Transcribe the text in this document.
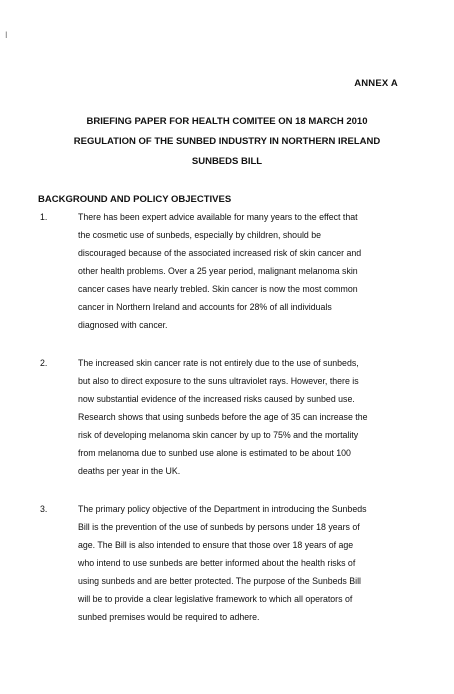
I
ANNEX A
BRIEFING PAPER FOR HEALTH COMITEE ON 18 MARCH 2010
REGULATION OF THE SUNBED INDUSTRY IN NORTHERN IRELAND
SUNBEDS BILL
BACKGROUND AND POLICY OBJECTIVES
1.	There has been expert advice available for many years to the effect that
the cosmetic use of sunbeds, especially by children, should be
discouraged because of the associated increased risk of skin cancer and
other health problems. Over a 25 year period, malignant melanoma skin
cancer cases have nearly trebled. Skin cancer is now the most common
cancer in Northern Ireland and accounts for 28% of all individuals
diagnosed with cancer.
2.	The increased skin cancer rate is not entirely due to the use of sunbeds,
but also to direct exposure to the suns ultraviolet rays. However, there is
now substantial evidence of the increased risks caused by sunbed use.
Research shows that using sunbeds before the age of 35 can increase the
risk of developing melanoma skin cancer by up to 75% and the mortality
from melanoma due to sunbed use alone is estimated to be about 100
deaths per year in the UK.
3.	The primary policy objective of the Department in introducing the Sunbeds
Bill is the prevention of the use of sunbeds by persons under 18 years of
age. The Bill is also intended to ensure that those over 18 years of age
who intend to use sunbeds are better informed about the health risks of
using sunbeds and are better protected. The purpose of the Sunbeds Bill
will be to provide a clear legislative framework to which all operators of
sunbed premises would be required to adhere.
